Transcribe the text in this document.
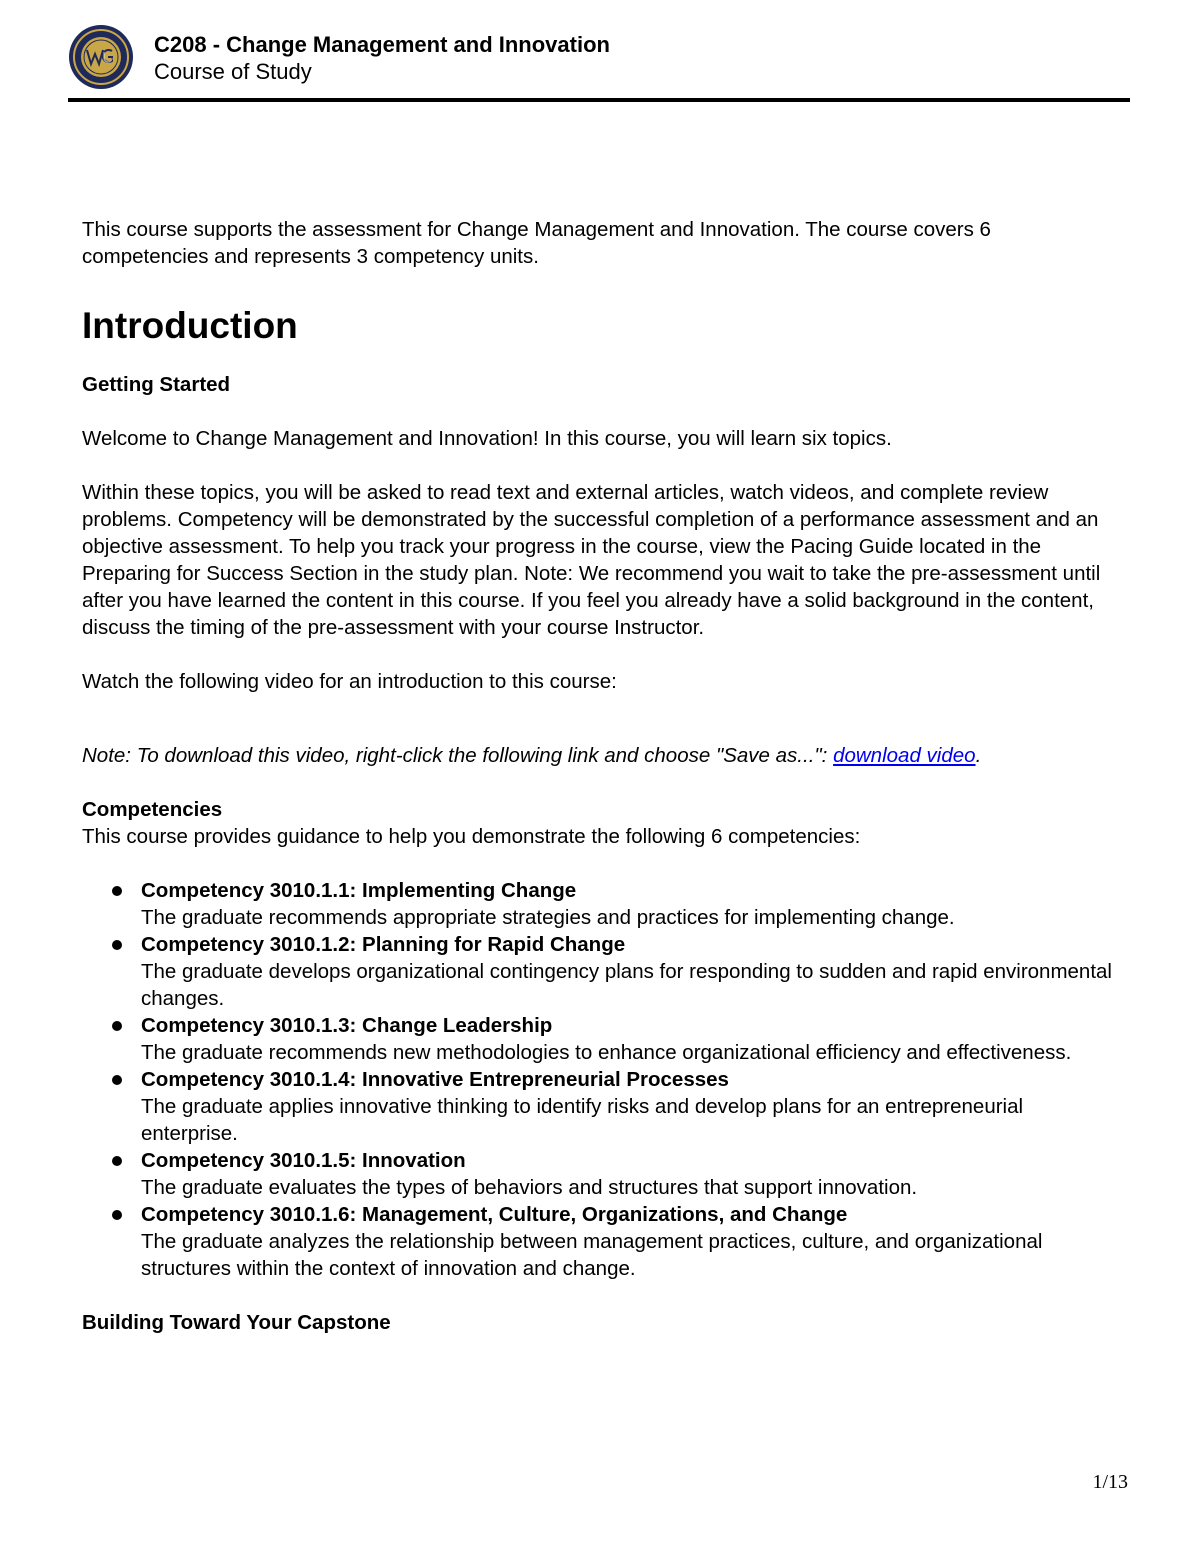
C208 - Change Management and Innovation
Course of Study

This course supports the assessment for Change Management and Innovation. The course covers 6 competencies and represents 3 competency units.

Introduction

Getting Started

Welcome to Change Management and Innovation! In this course, you will learn six topics.

Within these topics, you will be asked to read text and external articles, watch videos, and complete review problems. Competency will be demonstrated by the successful completion of a performance assessment and an objective assessment. To help you track your progress in the course, view the Pacing Guide located in the Preparing for Success Section in the study plan. Note: We recommend you wait to take the pre-assessment until after you have learned the content in this course. If you feel you already have a solid background in the content, discuss the timing of the pre-assessment with your course Instructor.

Watch the following video for an introduction to this course:

Note: To download this video, right-click the following link and choose "Save as...": download video.

Competencies

This course provides guidance to help you demonstrate the following 6 competencies:

Competency 3010.1.1: Implementing Change
The graduate recommends appropriate strategies and practices for implementing change.
Competency 3010.1.2: Planning for Rapid Change
The graduate develops organizational contingency plans for responding to sudden and rapid environmental changes.
Competency 3010.1.3: Change Leadership
The graduate recommends new methodologies to enhance organizational efficiency and effectiveness.
Competency 3010.1.4: Innovative Entrepreneurial Processes
The graduate applies innovative thinking to identify risks and develop plans for an entrepreneurial enterprise.
Competency 3010.1.5: Innovation
The graduate evaluates the types of behaviors and structures that support innovation.
Competency 3010.1.6: Management, Culture, Organizations, and Change
The graduate analyzes the relationship between management practices, culture, and organizational structures within the context of innovation and change.

Building Toward Your Capstone

1/13
